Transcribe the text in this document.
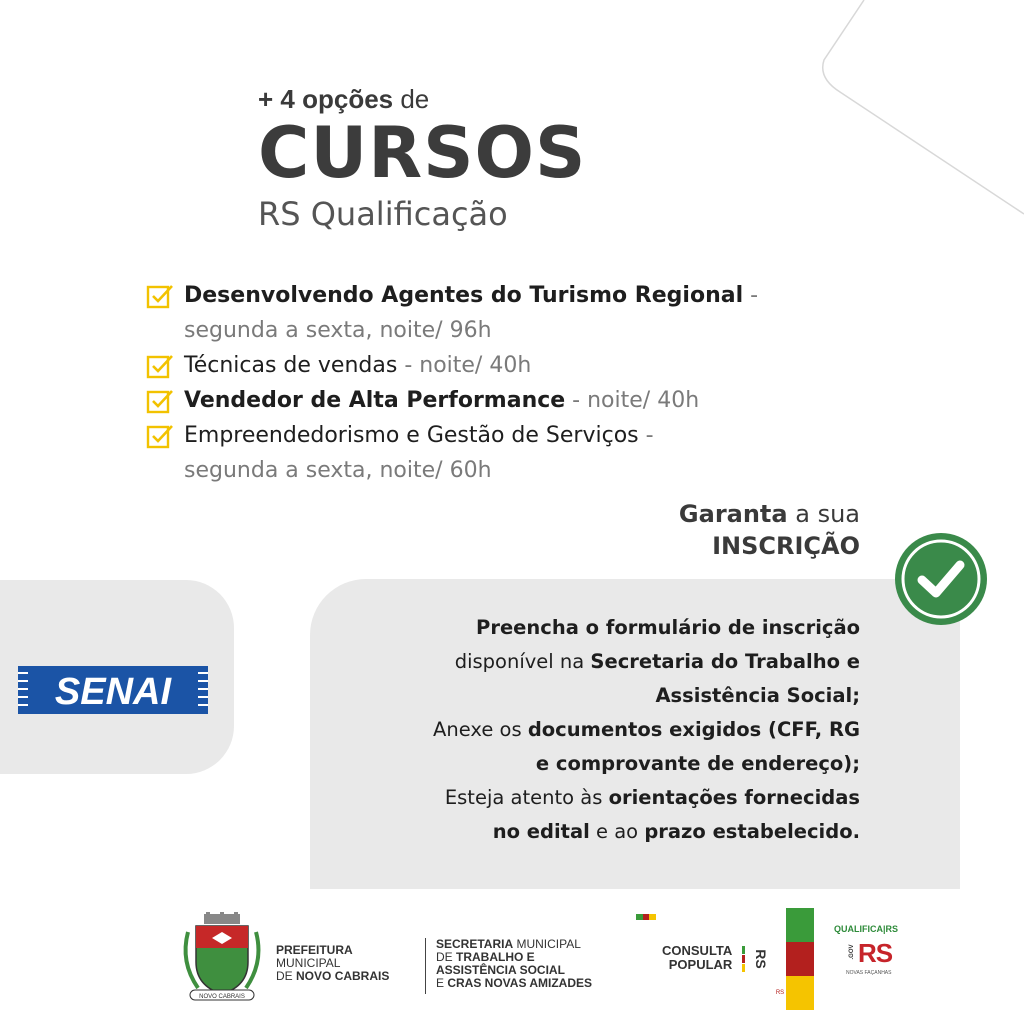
+ 4 opções de
CURSOS
RS Qualificação
Desenvolvendo Agentes do Turismo Regional -
segunda a sexta, noite/ 96h
Técnicas de vendas - noite/ 40h
Vendedor de Alta Performance - noite/ 40h
Empreendedorismo e Gestão de Serviços -
segunda a sexta, noite/ 60h
Garanta a sua
INSCRIÇÃO
SENAI
Preencha o formulário de inscrição
disponível na Secretaria do Trabalho e
Assistência Social;
Anexe os documentos exigidos (CFF, RG
e comprovante de endereço);
Esteja atento às orientações fornecidas
no edital e ao prazo estabelecido.
NOVO CABRAIS
PREFEITURA
MUNICIPAL
DE NOVO CABRAIS
SECRETARIA MUNICIPAL
DE TRABALHO E
ASSISTÊNCIA SOCIAL
E CRAS NOVAS AMIZADES
CONSULTA
POPULAR RS
RS
QUALIFICA|RS
.GOV RS
NOVAS FAÇANHAS
